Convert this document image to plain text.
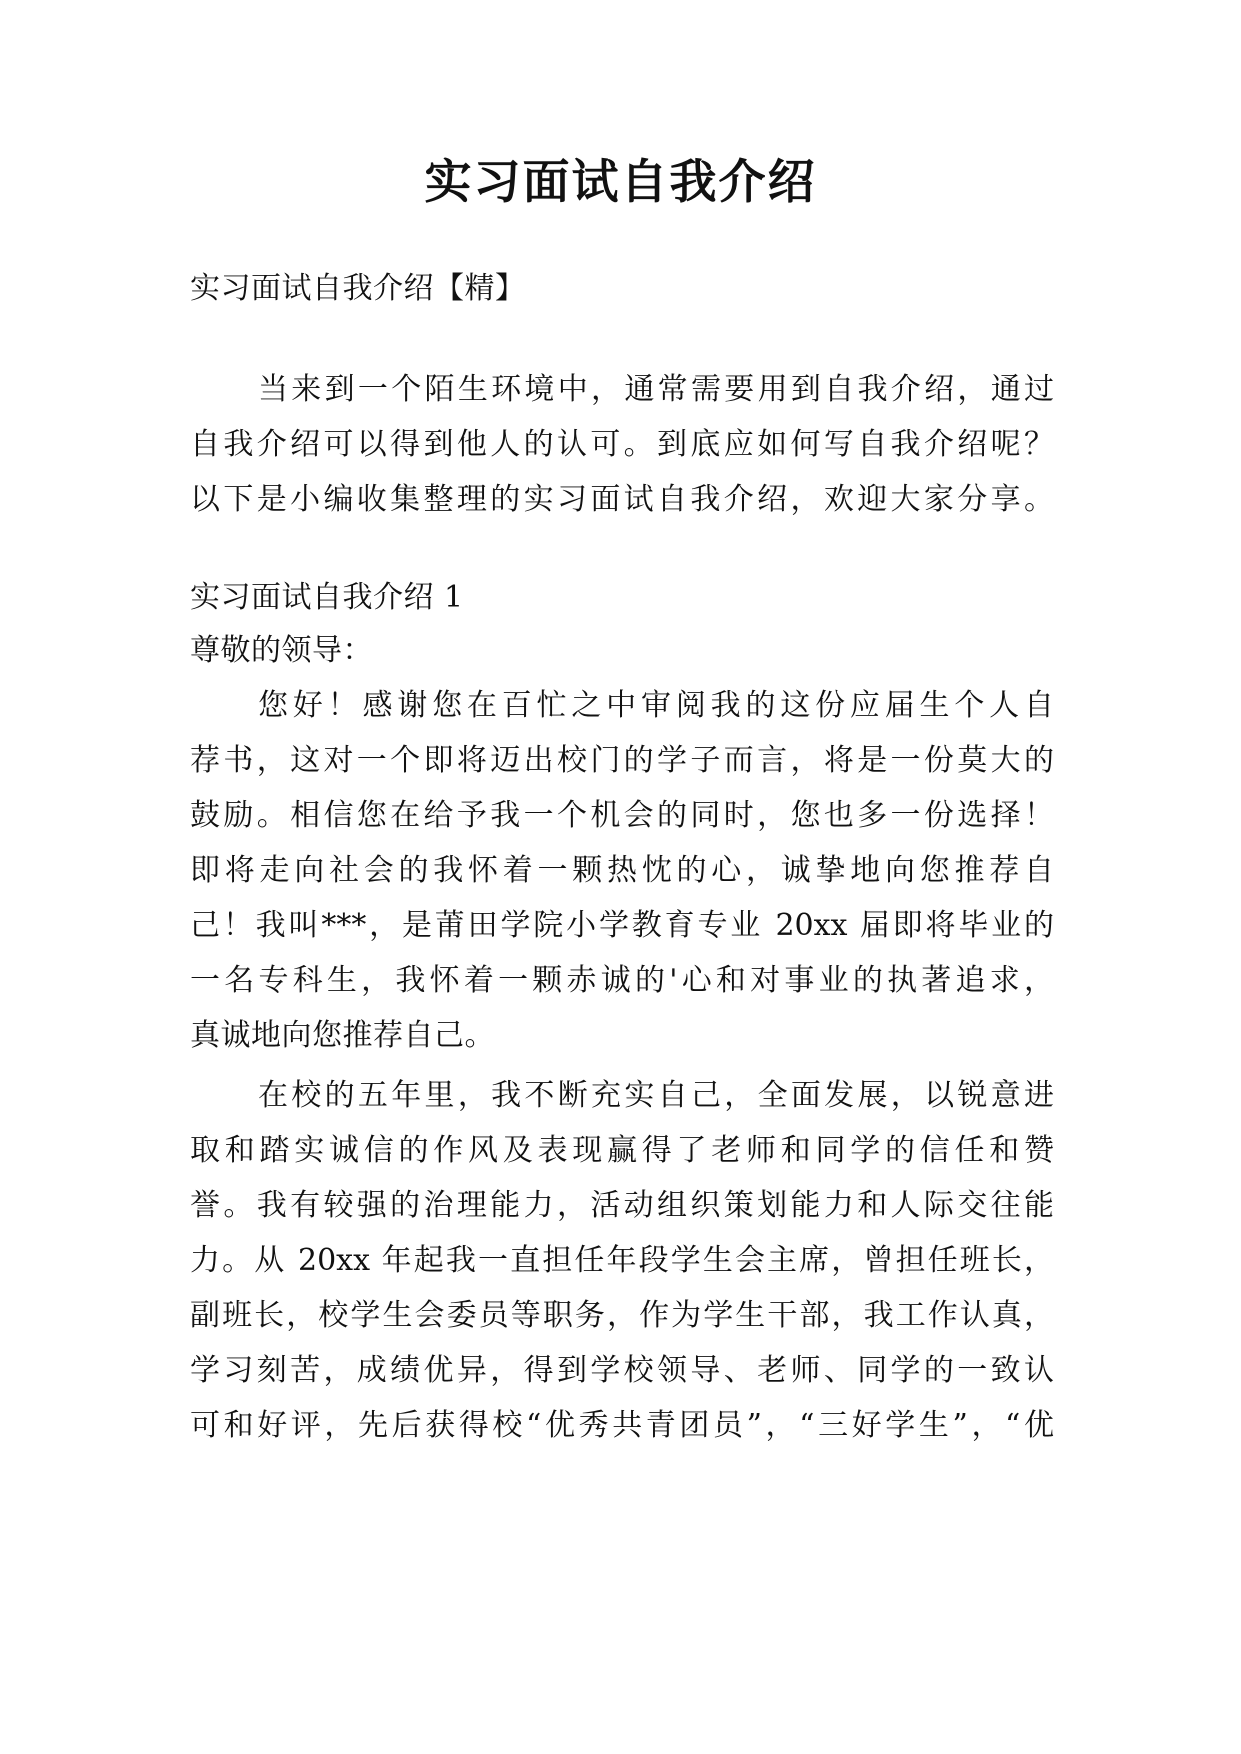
实习面试自我介绍

实习面试自我介绍【精】

当来到一个陌生环境中，通常需要用到自我介绍，通过

自我介绍可以得到他人的认可。到底应如何写自我介绍呢？

以下是小编收集整理的实习面试自我介绍，欢迎大家分享。

实习面试自我介绍 1

尊敬的领导：

您好！感谢您在百忙之中审阅我的这份应届生个人自

荐书，这对一个即将迈出校门的学子而言，将是一份莫大的

鼓励。相信您在给予我一个机会的同时，您也多一份选择！

即将走向社会的我怀着一颗热忱的心，诚挚地向您推荐自

己！我叫***，是莆田学院小学教育专业 20xx 届即将毕业的

一名专科生，我怀着一颗赤诚的'心和对事业的执著追求，

真诚地向您推荐自己。

在校的五年里，我不断充实自己，全面发展，以锐意进

取和踏实诚信的作风及表现赢得了老师和同学的信任和赞

誉。我有较强的治理能力，活动组织策划能力和人际交往能

力。从 20xx 年起我一直担任年段学生会主席，曾担任班长，

副班长，校学生会委员等职务，作为学生干部，我工作认真，

学习刻苦，成绩优异，得到学校领导、老师、同学的一致认

可和好评，先后获得校“优秀共青团员”，“三好学生”，“优
